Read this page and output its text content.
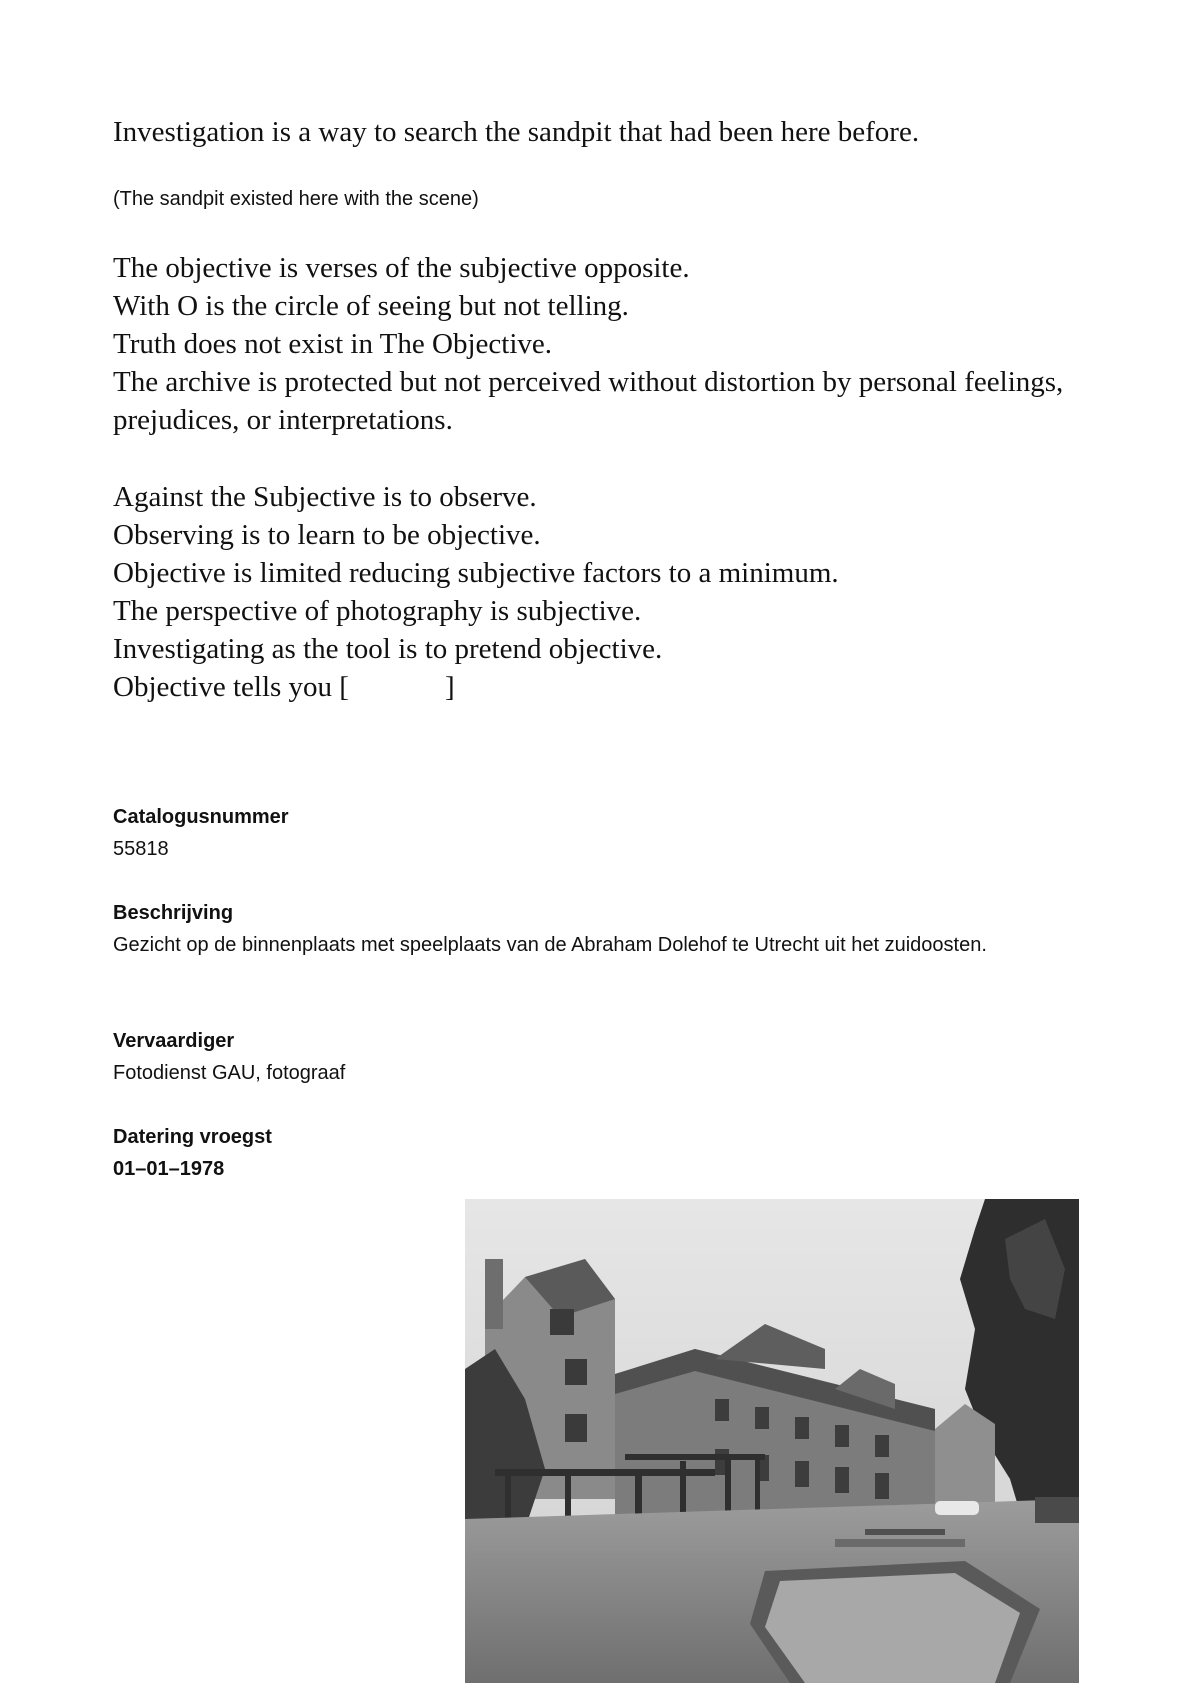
Investigation is a way to search the sandpit that had been here before.
(The sandpit existed here with the scene)
The objective is verses of the subjective opposite.
With O is the circle of seeing but not telling.
Truth does not exist in The Objective.
The archive is protected but not perceived without distortion by personal feelings, prejudices, or interpretations.
Against the Subjective is to observe.
Observing is to learn to be objective.
Objective is limited reducing subjective factors to a minimum.
The perspective of photography is subjective.
Investigating as the tool is to pretend objective.
Objective tells you [	]
Catalogusnummer
55818
Beschrijving
Gezicht op de binnenplaats met speelplaats van de Abraham Dolehof te Utrecht uit het zuidoosten.
Vervaardiger
Fotodienst GAU, fotograaf
Datering vroegst
01–01–1978
